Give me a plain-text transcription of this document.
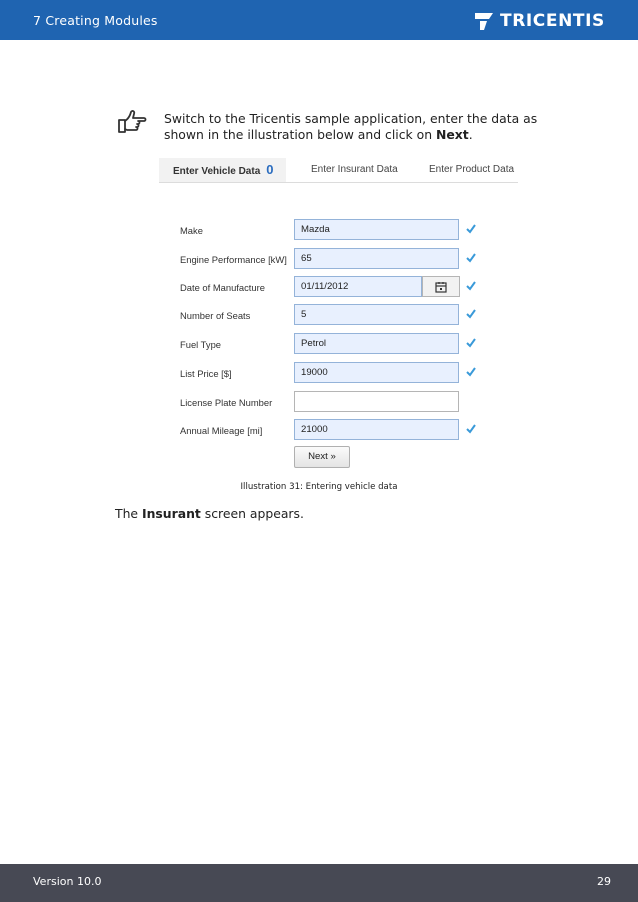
7 Creating Modules	TRICENTIS
Switch to the Tricentis sample application, enter the data as shown in the illustration below and click on Next.
Enter Vehicle Data 0	Enter Insurant Data	Enter Product Data
Make	Mazda
Engine Performance [kW]	65
Date of Manufacture	01/11/2012
Number of Seats	5
Fuel Type	Petrol
List Price [$]	19000
License Plate Number
Annual Mileage [mi]	21000
Next »
Illustration 31: Entering vehicle data
The Insurant screen appears.
Version 10.0	29
